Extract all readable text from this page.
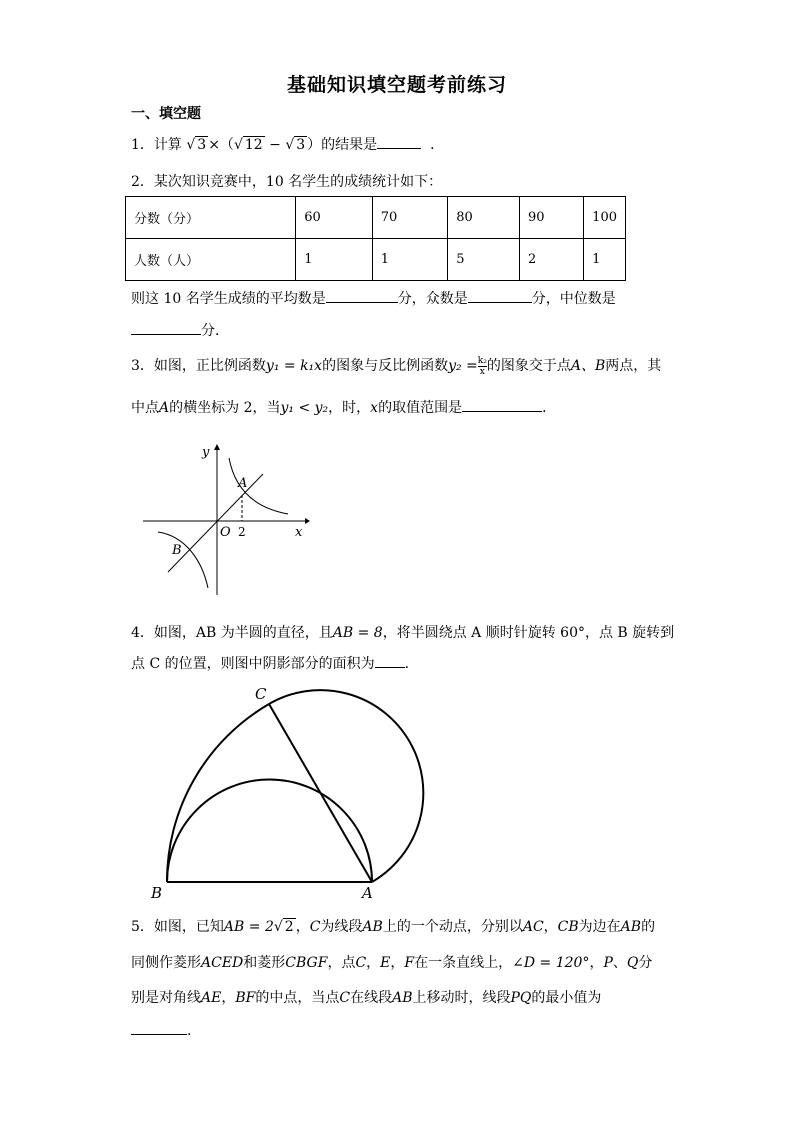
基础知识填空题考前练习
一、填空题
1．计算 √ 3 ×（√ 12 − √ 3 ）的结果是	．
2．某次知识竞赛中，10 名学生的成绩统计如下：
分数（分）	60	70	80	90	100
人数（人）	1	1	5	2	1
则这 10 名学生成绩的平均数是	分，众数是	分，中位数是
分．
3．如图，正比例函数y₁ = k₁x的图象与反比例函数$y_2 = \frac{\text{k₂}}{x}$ 的图象交于点A、B两点，其
中点A的横坐标为 2，当y₁ < y₂，时，x的取值范围是	．
y
x
O 2
A
B
4．如图，AB 为半圆的直径，且AB = 8，将半圆绕点 A 顺时针旋转 60°，点 B 旋转到
点 C 的位置，则图中阴影部分的面积为 ．
C
B	A
5．如图，已知AB = 2√ 2 ，C为线段AB上的一个动点，分别以AC，CB为边在AB的
同侧作菱形ACED和菱形CBGF，点C，E，F在一条直线上，∠D = 120°，P、Q分
别是对角线AE，BF的中点，当点C在线段AB上移动时，线段PQ的最小值为
.
